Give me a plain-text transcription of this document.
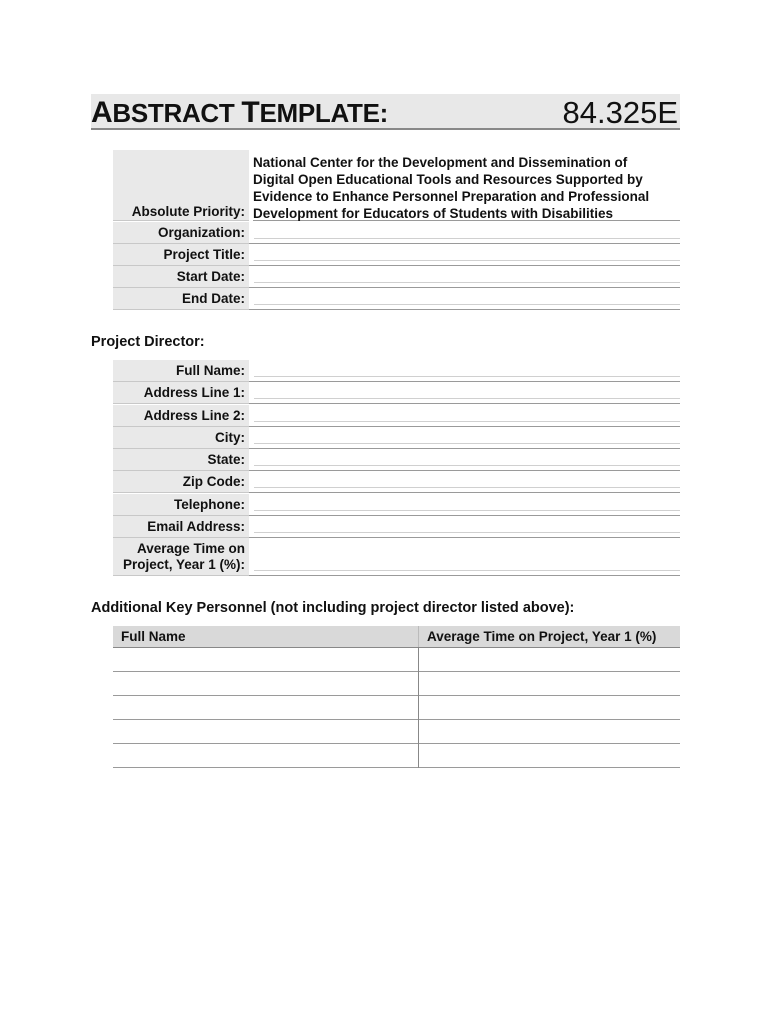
ABSTRACT TEMPLATE:	84.325E
Absolute Priority:
National Center for the Development and Dissemination of
Digital Open Educational Tools and Resources Supported by
Evidence to Enhance Personnel Preparation and Professional
Development for Educators of Students with Disabilities
Organization:
Project Title:
Start Date:
End Date:
Project Director:
Full Name:
Address Line 1:
Address Line 2:
City:
State:
Zip Code:
Telephone:
Email Address:
Average Time on
Project, Year 1 (%):
Additional Key Personnel (not including project director listed above):
Full Name	Average Time on Project, Year 1 (%)
